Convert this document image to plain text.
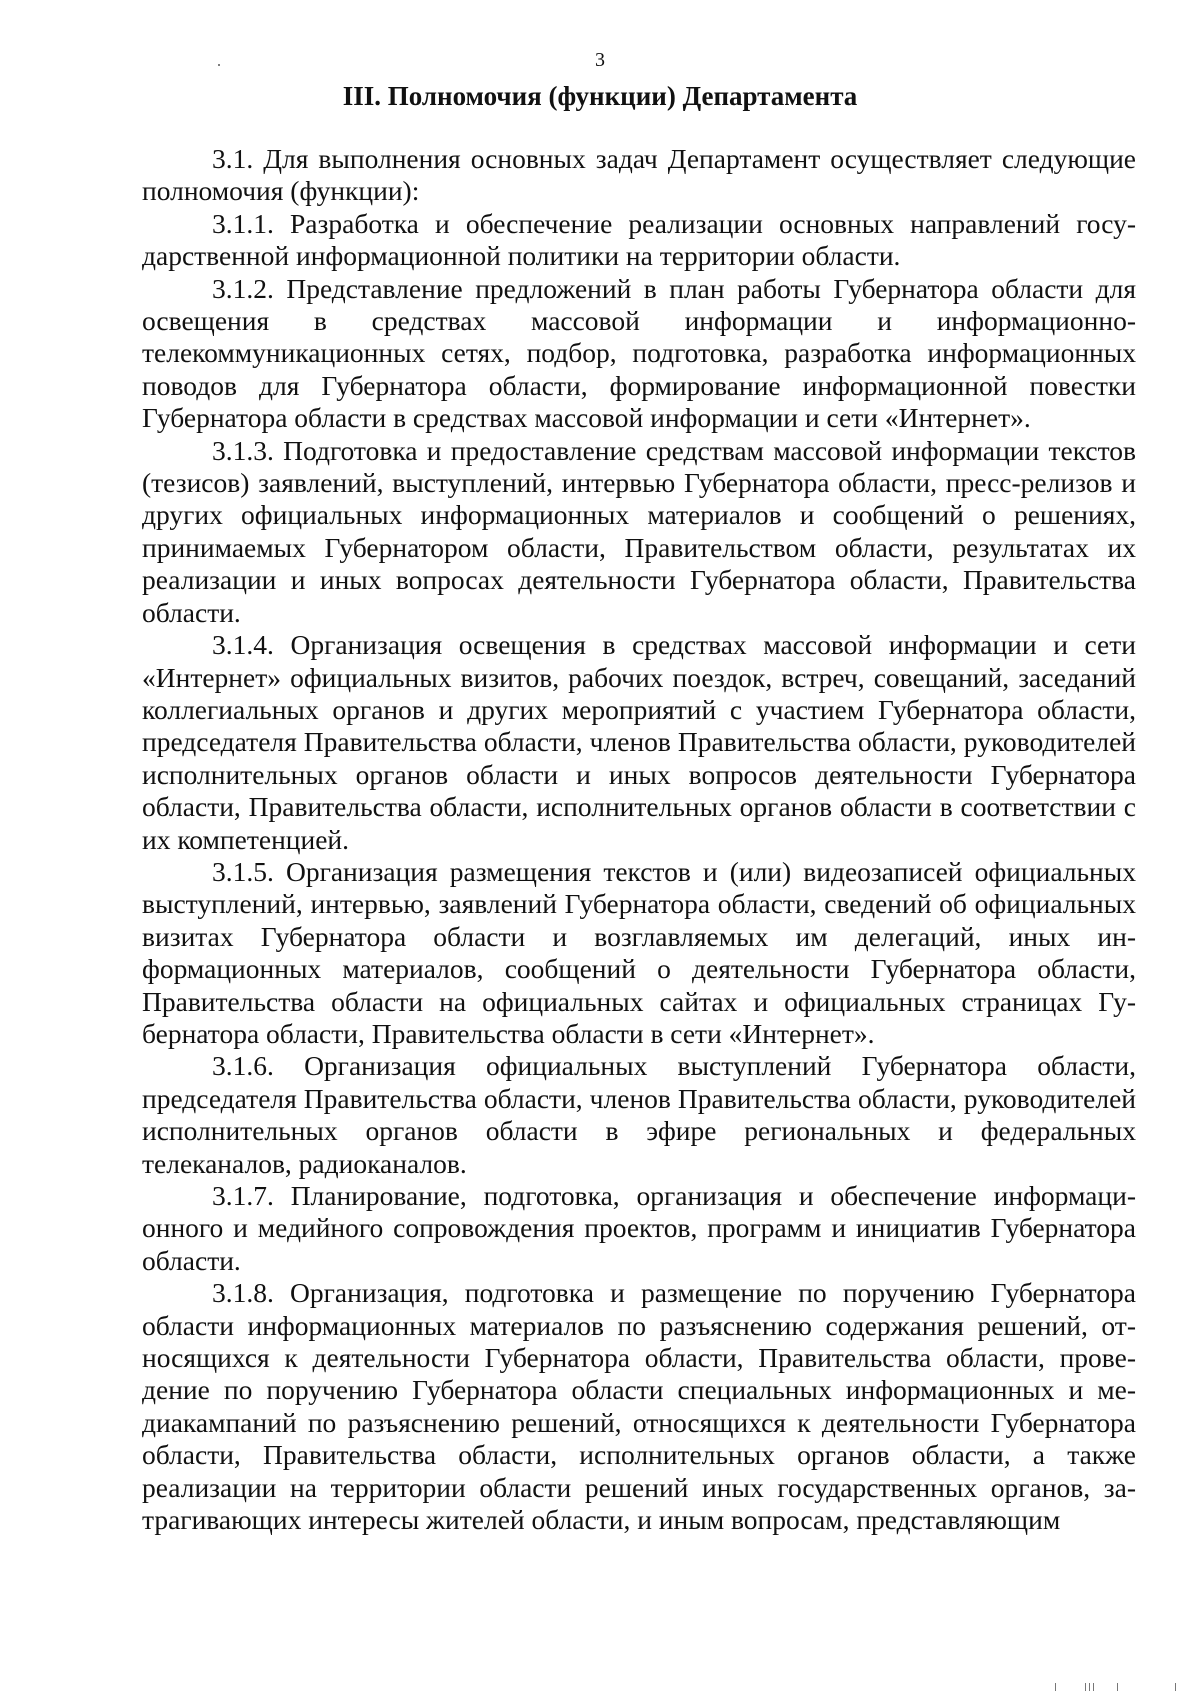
3
III. Полномочия (функции) Департамента

3.1. Для выполнения основных задач Департамент осуществляет следующие полномочия (функции):

3.1.1. Разработка и обеспечение реализации основных направлений государственной информационной политики на территории области.

3.1.2. Представление предложений в план работы Губернатора области для освещения в средствах массовой информации и информационно-телекоммуникационных сетях, подбор, подготовка, разработка информационных поводов для Губернатора области, формирование информационной повестки Губернатора области в средствах массовой информации и сети «Интернет».

3.1.3. Подготовка и предоставление средствам массовой информации текстов (тезисов) заявлений, выступлений, интервью Губернатора области, пресс-релизов и других официальных информационных материалов и сообщений о решениях, принимаемых Губернатором области, Правительством области, результатах их реализации и иных вопросах деятельности Губернатора области, Правительства области.

3.1.4. Организация освещения в средствах массовой информации и сети «Интернет» официальных визитов, рабочих поездок, встреч, совещаний, заседаний коллегиальных органов и других мероприятий с участием Губернатора области, председателя Правительства области, членов Правительства области, руководителей исполнительных органов области и иных вопросов деятельности Губернатора области, Правительства области, исполнительных органов области в соответствии с их компетенцией.

3.1.5. Организация размещения текстов и (или) видеозаписей официальных выступлений, интервью, заявлений Губернатора области, сведений об официальных визитах Губернатора области и возглавляемых им делегаций, иных информационных материалов, сообщений о деятельности Губернатора области, Правительства области на официальных сайтах и официальных страницах Губернатора области, Правительства области в сети «Интернет».

3.1.6. Организация официальных выступлений Губернатора области, председателя Правительства области, членов Правительства области, руководителей исполнительных органов области в эфире региональных и федеральных телеканалов, радиоканалов.

3.1.7. Планирование, подготовка, организация и обеспечение информационного и медийного сопровождения проектов, программ и инициатив Губернатора области.

3.1.8. Организация, подготовка и размещение по поручению Губернатора области информационных материалов по разъяснению содержания решений, относящихся к деятельности Губернатора области, Правительства области, проведение по поручению Губернатора области специальных информационных и медиакампаний по разъяснению решений, относящихся к деятельности Губернатора области, Правительства области, исполнительных органов области, а также реализации на территории области решений иных государственных органов, затрагивающих интересы жителей области, и иным вопросам, представляющим
